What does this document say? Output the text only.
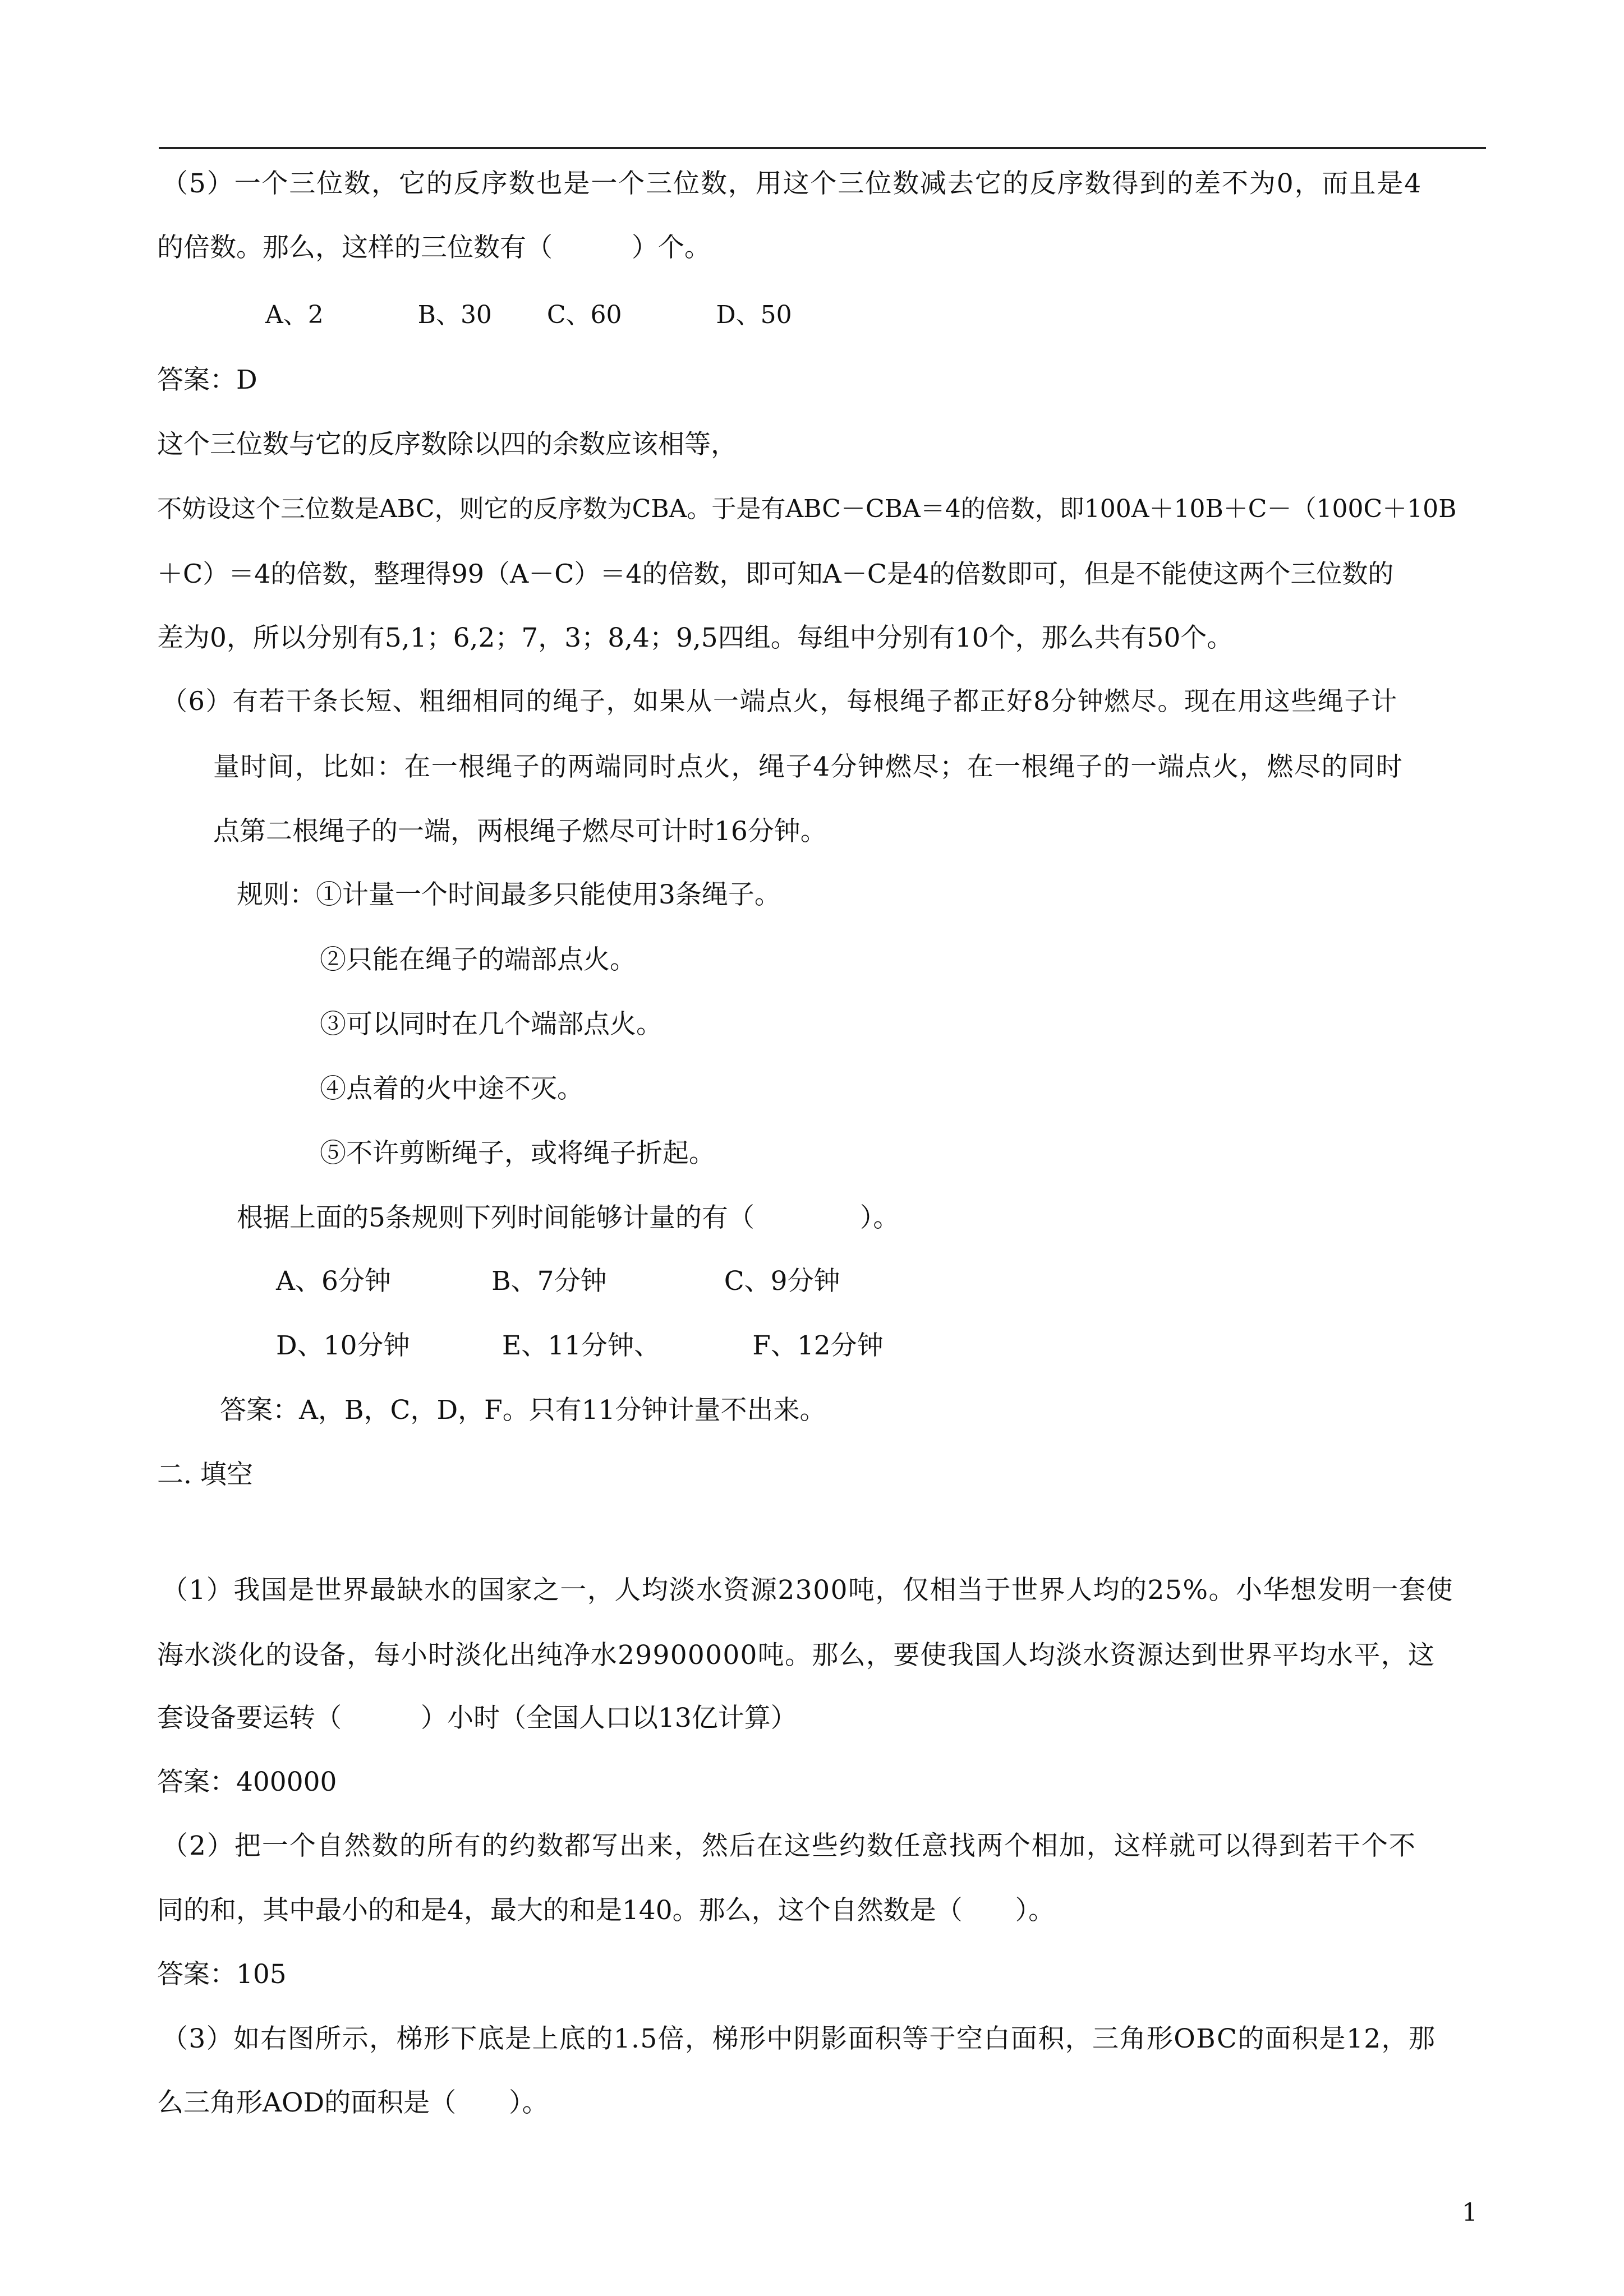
（5）一个三位数，它的反序数也是一个三位数，用这个三位数减去它的反序数得到的差不为0，而且是4
的倍数。那么，这样的三位数有（　　　）个。
A、2            B、30       C、60            D、50
答案：D
这个三位数与它的反序数除以四的余数应该相等，
不妨设这个三位数是ABC，则它的反序数为CBA。于是有ABC－CBA＝4的倍数，即100A＋10B＋C－（100C＋10B
＋C）＝4的倍数，整理得99（A－C）＝4的倍数，即可知A－C是4的倍数即可，但是不能使这两个三位数的
差为0，所以分别有5,1；6,2；7，3；8,4；9,5四组。每组中分别有10个，那么共有50个。
（6）有若干条长短、粗细相同的绳子，如果从一端点火，每根绳子都正好8分钟燃尽。现在用这些绳子计
量时间，比如：在一根绳子的两端同时点火，绳子4分钟燃尽；在一根绳子的一端点火，燃尽的同时
点第二根绳子的一端，两根绳子燃尽可计时16分钟。
规则：①计量一个时间最多只能使用3条绳子。
②只能在绳子的端部点火。
③可以同时在几个端部点火。
④点着的火中途不灭。
⑤不许剪断绳子，或将绳子折起。
根据上面的5条规则下列时间能够计量的有（　　　　）。
A、6分钟            B、7分钟              C、9分钟
D、10分钟           E、11分钟、           F、12分钟
答案：A，B，C，D，F。只有11分钟计量不出来。
二. 填空
（1）我国是世界最缺水的国家之一，人均淡水资源2300吨，仅相当于世界人均的25%。小华想发明一套使
海水淡化的设备，每小时淡化出纯净水29900000吨。那么，要使我国人均淡水资源达到世界平均水平，这
套设备要运转（　　　）小时（全国人口以13亿计算）
答案：400000
（2）把一个自然数的所有的约数都写出来，然后在这些约数任意找两个相加，这样就可以得到若干个不
同的和，其中最小的和是4，最大的和是140。那么，这个自然数是（　　）。
答案：105
（3）如右图所示，梯形下底是上底的1.5倍，梯形中阴影面积等于空白面积，三角形OBC的面积是12，那
么三角形AOD的面积是（　　）。
1
